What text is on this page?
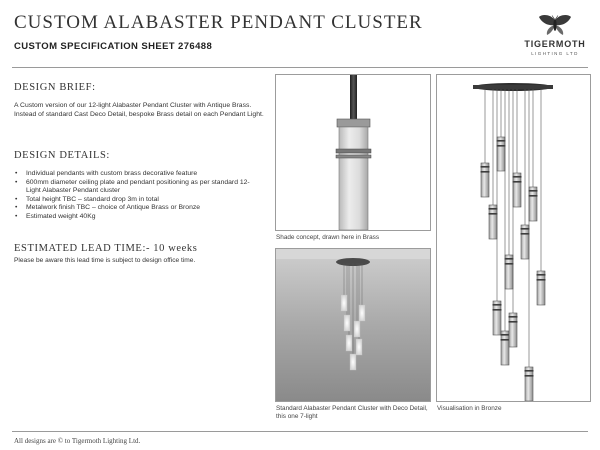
CUSTOM ALABASTER PENDANT CLUSTER
CUSTOM SPECIFICATION SHEET 276488	TIGERMOTH
LIGHTING LTD
DESIGN BRIEF:
A Custom version of our 12-light Alabaster Pendant Cluster with Antique Brass. Instead of standard Cast Deco Detail, bespoke Brass detail on each Pendant Light.
DESIGN DETAILS:
• Individual pendants with custom brass decorative feature
• 600mm diameter ceiling plate and pendant positioning as per standard 12-Light Alabaster Pendant cluster
• Total height TBC – standard drop 3m in total
• Metalwork finish TBC – choice of Antique Brass or Bronze
• Estimated weight 40Kg
ESTIMATED LEAD TIME:- 10 weeks
Please be aware this lead time is subject to design office time.
Shade concept, drawn here in Brass
Standard Alabaster Pendant Cluster with Deco Detail, this one 7-light
Visualisation in Bronze
All designs are © to Tigermoth Lighting Ltd.
